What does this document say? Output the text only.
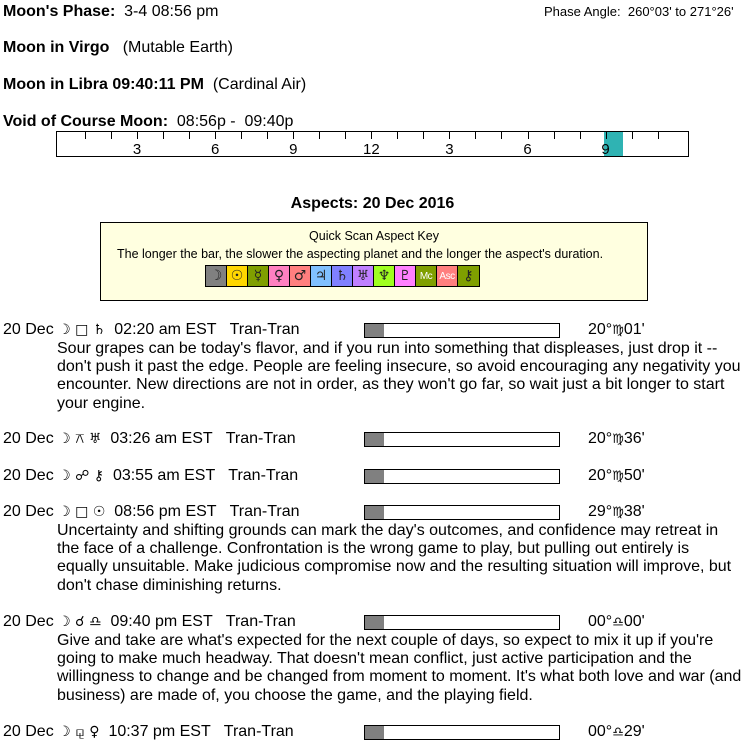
Moon's Phase: 3-4 08:56 pm	Phase Angle: 260°03' to 271°26'
Moon in Virgo (Mutable Earth)
Moon in Libra 09:40:11 PM (Cardinal Air)
Void of Course Moon: 08:56p -  09:40p
3	6	9	12	3	6	9
Aspects: 20 Dec 2016
Quick Scan Aspect Key
The longer the bar, the slower the aspecting planet and the longer the aspect's duration.
☽ ☉ ☿ ♀ ♂ ♃ ♄ ♅ ♆ ♇ Mc Asc ⚷
20 Dec ☽ □ ♄ 02:20 am EST Tran-Tran	20°♍01'
Sour grapes can be today's flavor, and if you run into something that displeases, just drop it -- don't push it past the edge. People are feeling insecure, so avoid encouraging any negativity you encounter. New directions are not in order, as they won't go far, so wait just a bit longer to start your engine.
20 Dec ☽ ⚻ ♅ 03:26 am EST Tran-Tran	20°♍36'
20 Dec ☽ ☍ ⚷ 03:55 am EST Tran-Tran	20°♍50'
20 Dec ☽ □ ☉ 08:56 pm EST Tran-Tran	29°♍38'
Uncertainty and shifting grounds can mark the day's outcomes, and confidence may retreat in the face of a challenge. Confrontation is the wrong game to play, but pulling out entirely is equally unsuitable. Make judicious compromise now and the resulting situation will improve, but don't chase diminishing returns.
20 Dec ☽ ☌ ♎ 09:40 pm EST Tran-Tran	00°♎00'
Give and take are what's expected for the next couple of days, so expect to mix it up if you're going to make much headway. That doesn't mean conflict, just active participation and the willingness to change and be changed from moment to moment. It's what both love and war (and business) are made of, you choose the game, and the playing field.
20 Dec ☽ ⚼ ♀ 10:37 pm EST Tran-Tran	00°♎29'
